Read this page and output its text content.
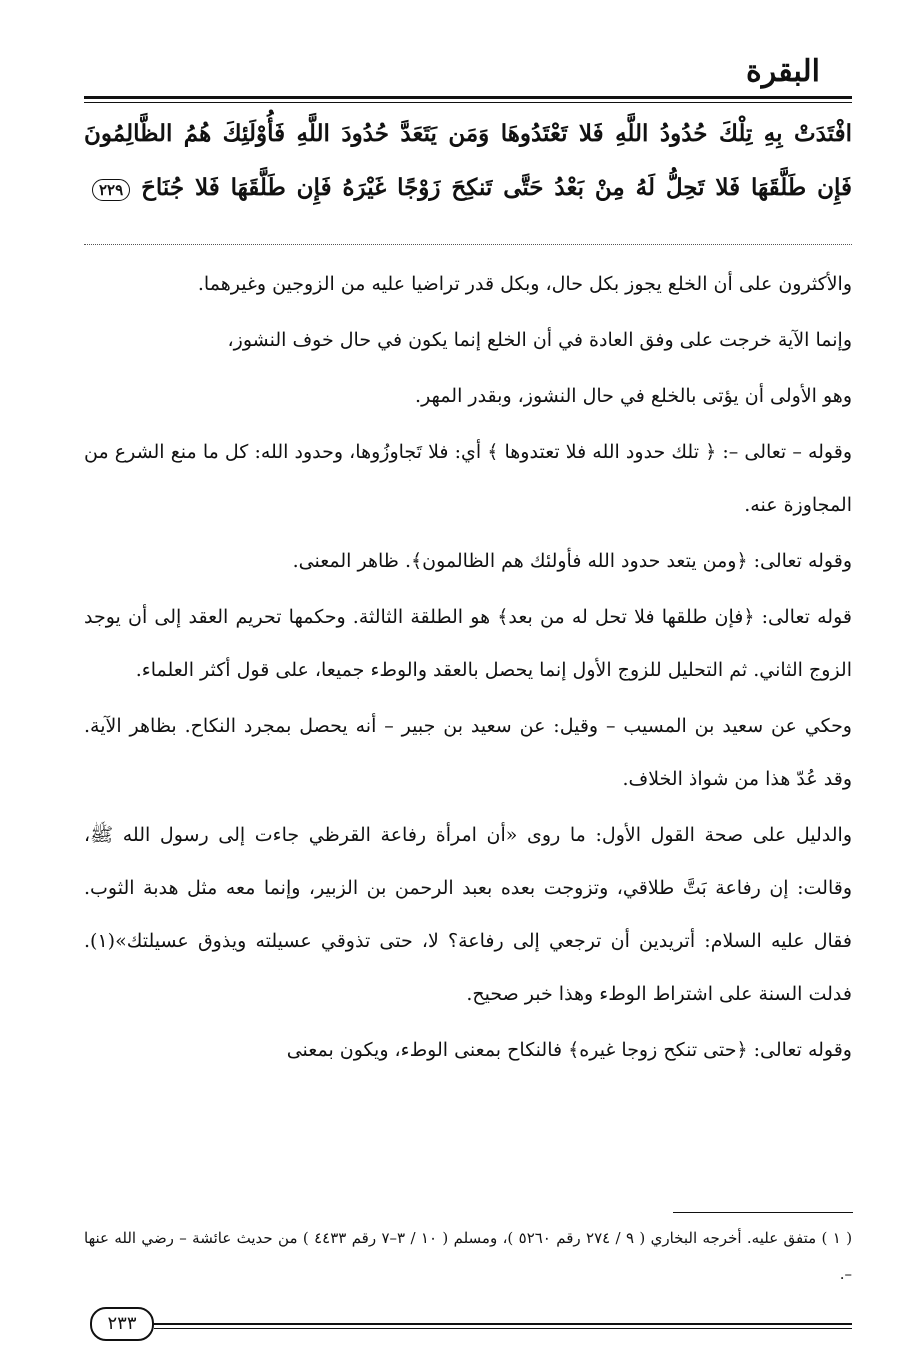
البقرة
افْتَدَتْ بِهِ تِلْكَ حُدُودُ اللَّهِ فَلا تَعْتَدُوهَا وَمَن يَتَعَدَّ حُدُودَ اللَّهِ فَأُوْلَئِكَ هُمُ الظَّالِمُونَ
فَإِن طَلَّقَهَا فَلا تَحِلُّ لَهُ مِنْ بَعْدُ حَتَّى تَنكِحَ زَوْجًا غَيْرَهُ فَإِن طَلَّقَهَا فَلا جُنَاحَ ٢٢٩

والأكثرون على أن الخلع يجوز بكل حال، وبكل قدر تراضيا عليه من الزوجين وغيرهما.

وإنما الآية خرجت على وفق العادة في أن الخلع إنما يكون في حال خوف النشوز،

وهو الأولى أن يؤتى بالخلع في حال النشوز، وبقدر المهر.

وقوله – تعالى –: ﴿ تلك حدود الله فلا تعتدوها ﴾ أي: فلا تَجاوزُوها، وحدود الله: كل ما منع الشرع من المجاوزة عنه.

وقوله تعالى: ﴿ومن يتعد حدود الله فأولئك هم الظالمون﴾. ظاهر المعنى.

قوله تعالى: ﴿فإن طلقها فلا تحل له من بعد﴾ هو الطلقة الثالثة. وحكمها تحريم العقد إلى أن يوجد الزوج الثاني. ثم التحليل للزوج الأول إنما يحصل بالعقد والوطء جميعا، على قول أكثر العلماء.

وحكي عن سعيد بن المسيب – وقيل: عن سعيد بن جبير – أنه يحصل بمجرد النكاح. بظاهر الآية. وقد عُدّ هذا من شواذ الخلاف.

والدليل على صحة القول الأول: ما روى «أن امرأة رفاعة القرظي جاءت إلى رسول الله ﷺ، وقالت: إن رفاعة بَتَّ طلاقي، وتزوجت بعده بعبد الرحمن بن الزبير، وإنما معه مثل هدبة الثوب. فقال عليه السلام: أتريدين أن ترجعي إلى رفاعة؟ لا، حتى تذوقي عسيلته ويذوق عسيلتك»(١). فدلت السنة على اشتراط الوطء وهذا خبر صحيح.

وقوله تعالى: ﴿حتى تنكح زوجا غيره﴾ فالنكاح بمعنى الوطء، ويكون بمعنى

( ١ ) متفق عليه. أخرجه البخاري ( ٩ / ٢٧٤ رقم ٥٢٦٠ )، ومسلم ( ١٠ / ٣–٧ رقم ٤٤٣٣ ) من حديث عائشة – رضي الله عنها –.

٢٣٣
